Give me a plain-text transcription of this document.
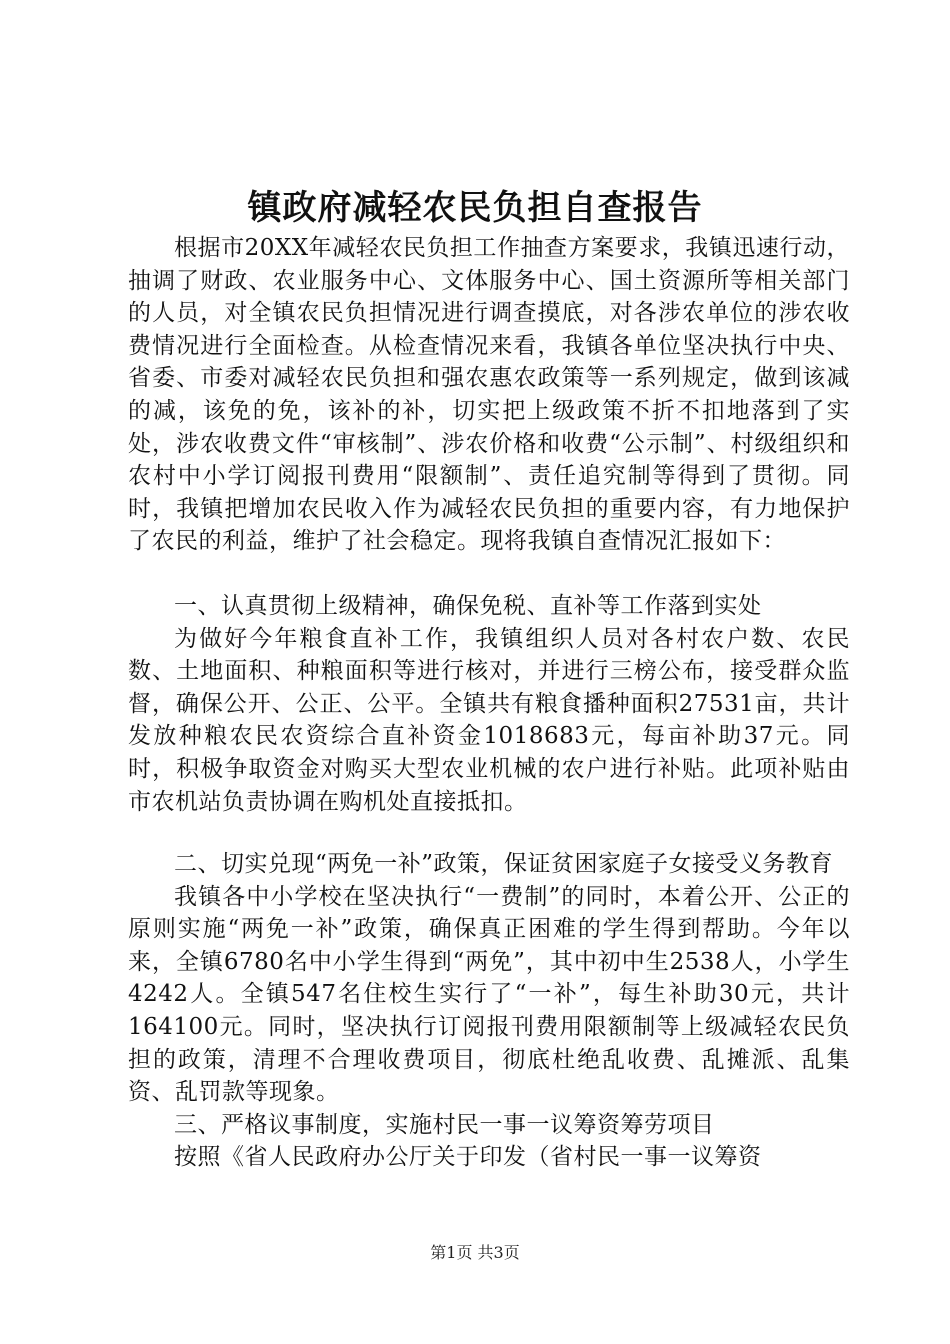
镇政府减轻农民负担自查报告

根据市20XX年减轻农民负担工作抽查方案要求，我镇迅速行动，抽调了财政、农业服务中心、文体服务中心、国土资源所等相关部门的人员，对全镇农民负担情况进行调查摸底，对各涉农单位的涉农收费情况进行全面检查。从检查情况来看，我镇各单位坚决执行中央、省委、市委对减轻农民负担和强农惠农政策等一系列规定，做到该减的减，该免的免，该补的补，切实把上级政策不折不扣地落到了实处，涉农收费文件“审核制”、涉农价格和收费“公示制”、村级组织和农村中小学订阅报刊费用“限额制”、责任追究制等得到了贯彻。同时，我镇把增加农民收入作为减轻农民负担的重要内容，有力地保护了农民的利益，维护了社会稳定。现将我镇自查情况汇报如下：

一、认真贯彻上级精神，确保免税、直补等工作落到实处

为做好今年粮食直补工作，我镇组织人员对各村农户数、农民数、土地面积、种粮面积等进行核对，并进行三榜公布，接受群众监督，确保公开、公正、公平。全镇共有粮食播种面积27531亩，共计发放种粮农民农资综合直补资金1018683元，每亩补助37元。同时，积极争取资金对购买大型农业机械的农户进行补贴。此项补贴由市农机站负责协调在购机处直接抵扣。

二、切实兑现“两免一补”政策，保证贫困家庭子女接受义务教育

我镇各中小学校在坚决执行“一费制”的同时，本着公开、公正的原则实施“两免一补”政策，确保真正困难的学生得到帮助。今年以来，全镇6780名中小学生得到“两免”，其中初中生2538人，小学生4242人。全镇547名住校生实行了“一补”，每生补助30元，共计164100元。同时，坚决执行订阅报刊费用限额制等上级减轻农民负担的政策，清理不合理收费项目，彻底杜绝乱收费、乱摊派、乱集资、乱罚款等现象。

三、严格议事制度，实施村民一事一议筹资筹劳项目

按照《省人民政府办公厅关于印发（省村民一事一议筹资

第1页 共3页
